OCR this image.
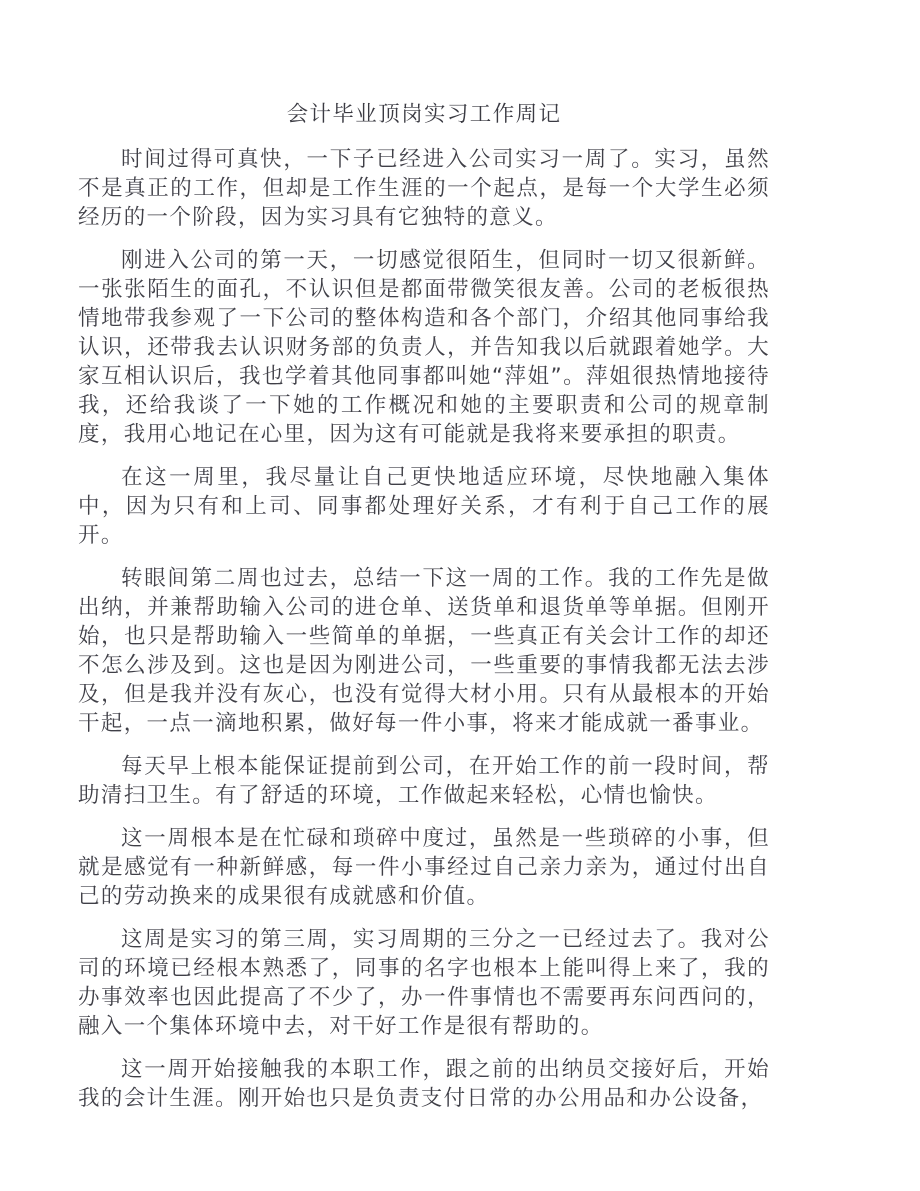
会计毕业顶岗实习工作周记

时间过得可真快，一下子已经进入公司实习一周了。实习，虽然不是真正的工作，但却是工作生涯的一个起点，是每一个大学生必须经历的一个阶段，因为实习具有它独特的意义。

刚进入公司的第一天，一切感觉很陌生，但同时一切又很新鲜。一张张陌生的面孔，不认识但是都面带微笑很友善。公司的老板很热情地带我参观了一下公司的整体构造和各个部门，介绍其他同事给我认识，还带我去认识财务部的负责人，并告知我以后就跟着她学。大家互相认识后，我也学着其他同事都叫她“萍姐”。萍姐很热情地接待我，还给我谈了一下她的工作概况和她的主要职责和公司的规章制度，我用心地记在心里，因为这有可能就是我将来要承担的职责。

在这一周里，我尽量让自己更快地适应环境，尽快地融入集体中，因为只有和上司、同事都处理好关系，才有利于自己工作的展开。

转眼间第二周也过去，总结一下这一周的工作。我的工作先是做出纳，并兼帮助输入公司的进仓单、送货单和退货单等单据。但刚开始，也只是帮助输入一些简单的单据，一些真正有关会计工作的却还不怎么涉及到。这也是因为刚进公司，一些重要的事情我都无法去涉及，但是我并没有灰心，也没有觉得大材小用。只有从最根本的开始干起，一点一滴地积累，做好每一件小事，将来才能成就一番事业。

每天早上根本能保证提前到公司，在开始工作的前一段时间，帮助清扫卫生。有了舒适的环境，工作做起来轻松，心情也愉快。

这一周根本是在忙碌和琐碎中度过，虽然是一些琐碎的小事，但就是感觉有一种新鲜感，每一件小事经过自己亲力亲为，通过付出自己的劳动换来的成果很有成就感和价值。

这周是实习的第三周，实习周期的三分之一已经过去了。我对公司的环境已经根本熟悉了，同事的名字也根本上能叫得上来了，我的办事效率也因此提高了不少了，办一件事情也不需要再东问西问的，融入一个集体环境中去，对干好工作是很有帮助的。

这一周开始接触我的本职工作，跟之前的出纳员交接好后，开始我的会计生涯。刚开始也只是负责支付日常的办公用品和办公设备，
